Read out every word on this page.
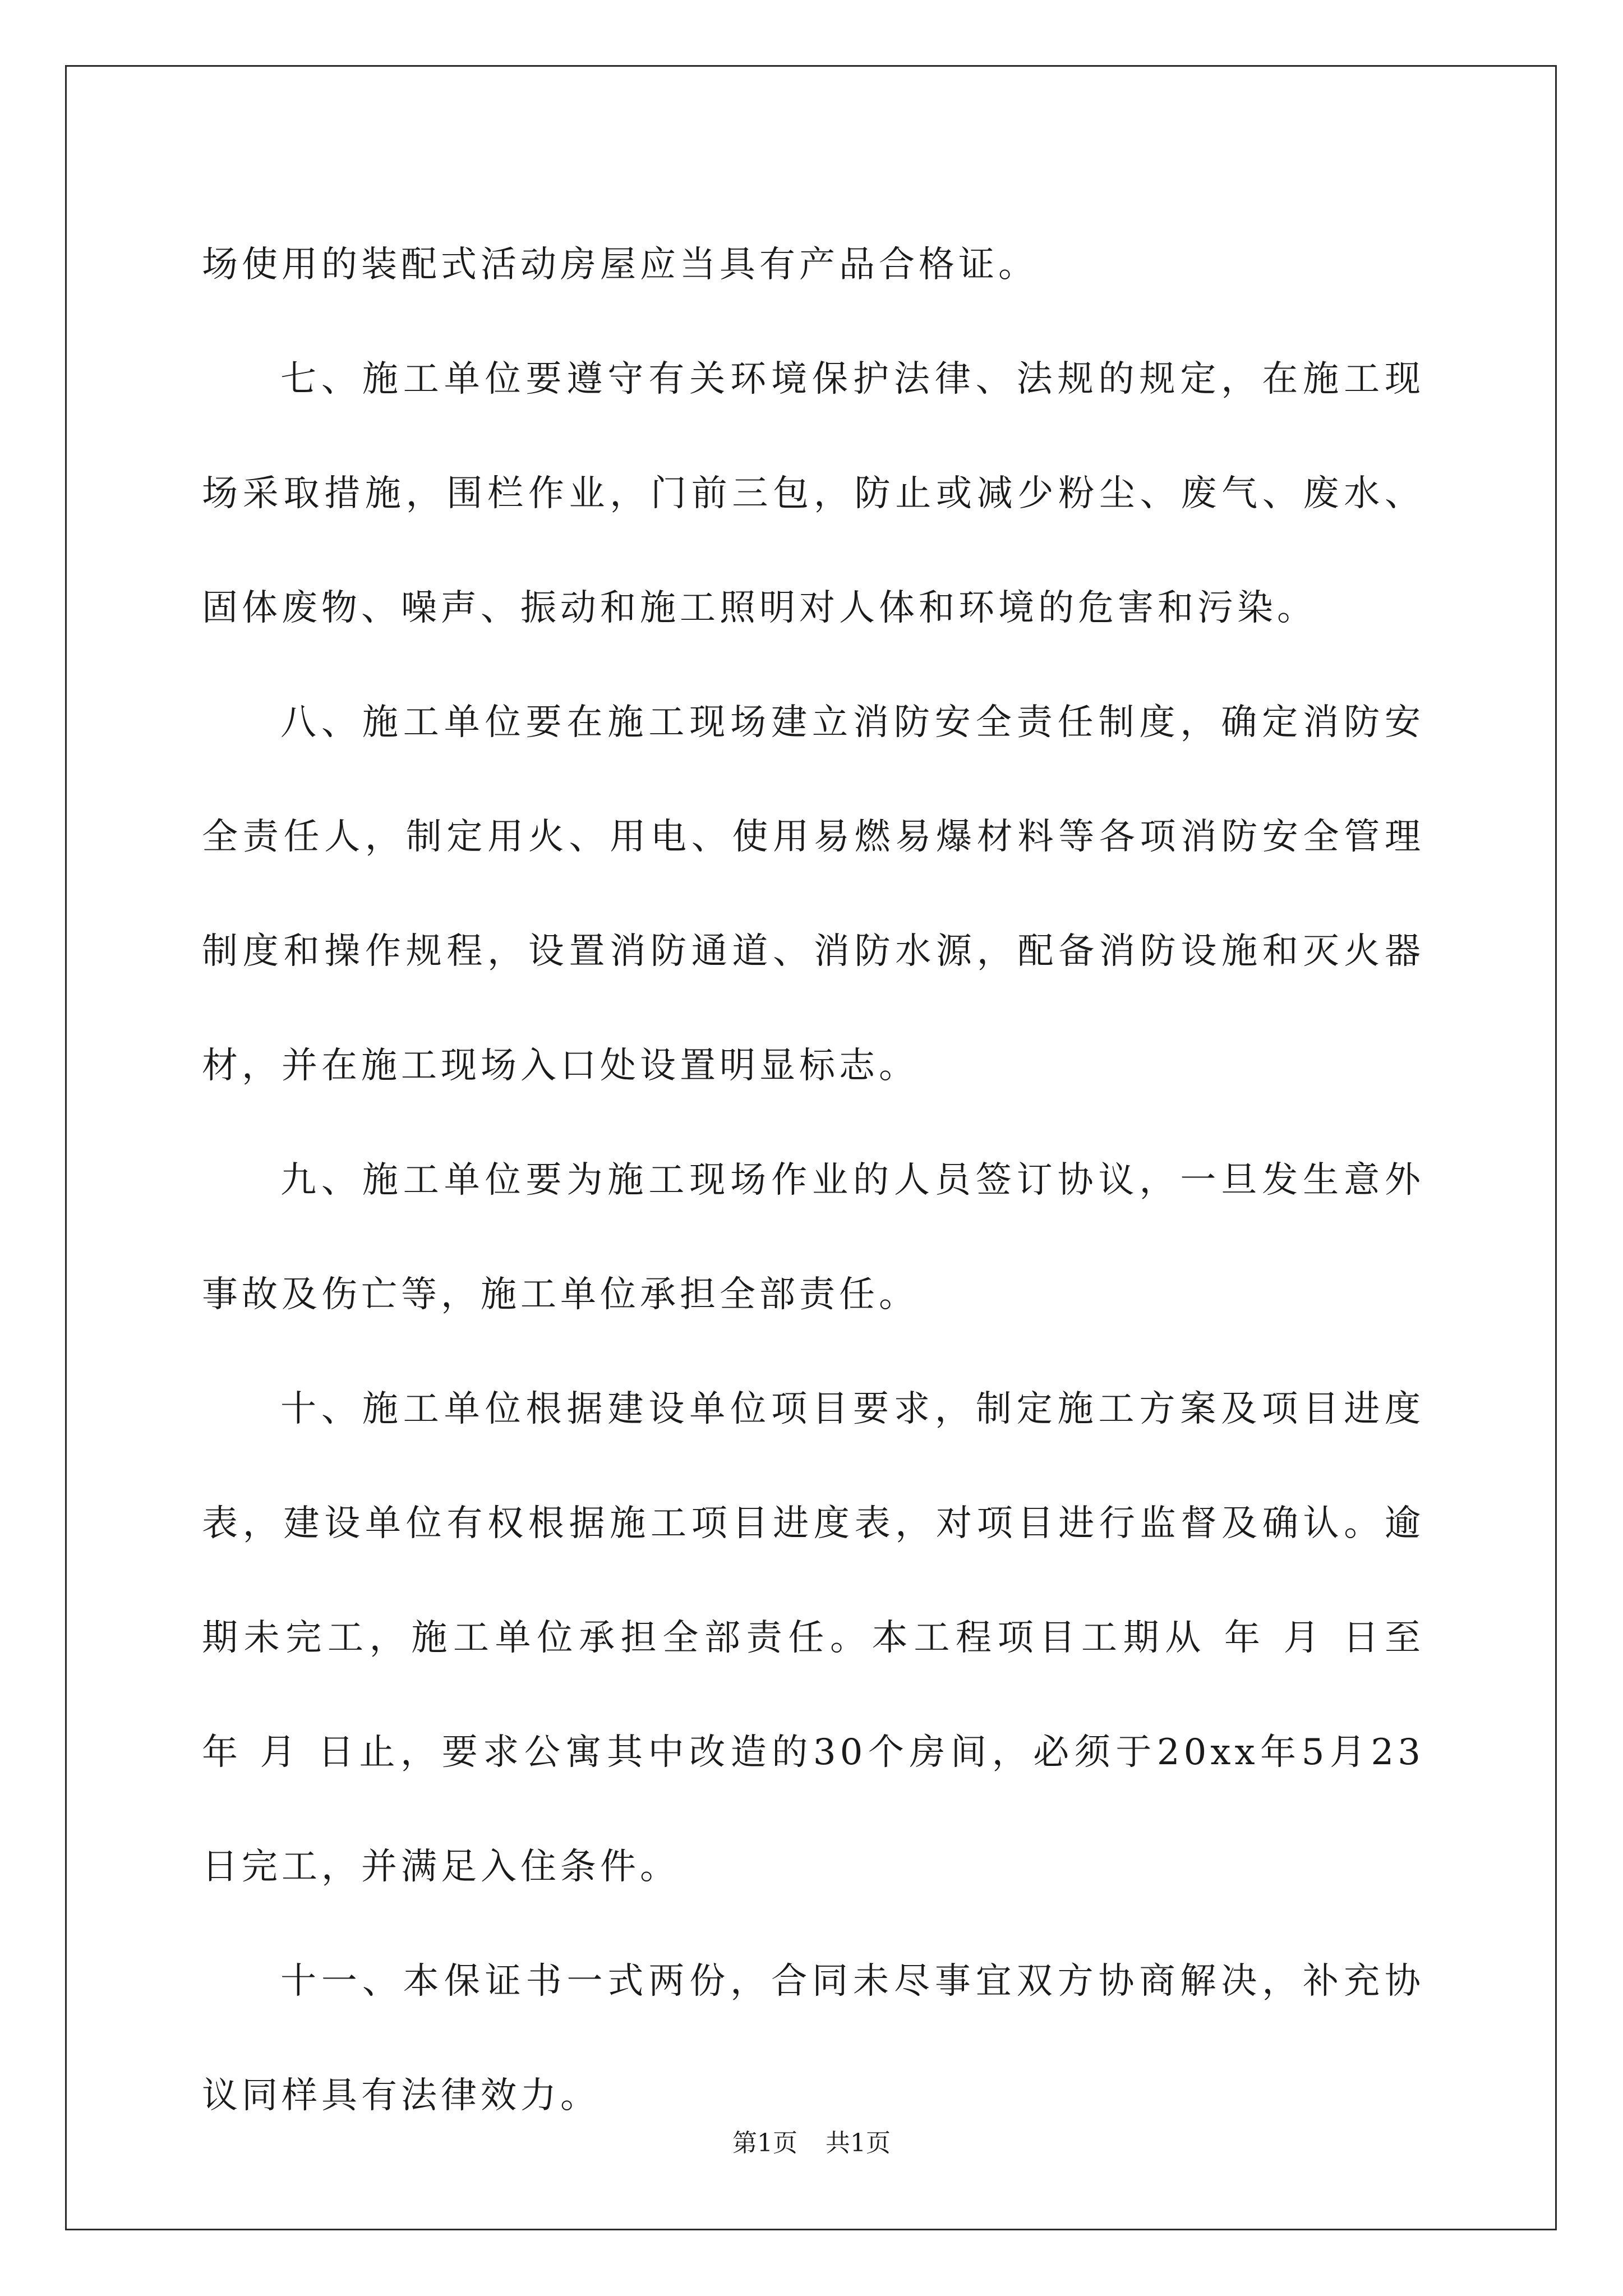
场使用的装配式活动房屋应当具有产品合格证。
七、施工单位要遵守有关环境保护法律、法规的规定，在施工现
场采取措施，围栏作业，门前三包，防止或减少粉尘、废气、废水、
固体废物、噪声、振动和施工照明对人体和环境的危害和污染。
八、施工单位要在施工现场建立消防安全责任制度，确定消防安
全责任人，制定用火、用电、使用易燃易爆材料等各项消防安全管理
制度和操作规程，设置消防通道、消防水源，配备消防设施和灭火器
材，并在施工现场入口处设置明显标志。
九、施工单位要为施工现场作业的人员签订协议，一旦发生意外
事故及伤亡等，施工单位承担全部责任。
十、施工单位根据建设单位项目要求，制定施工方案及项目进度
表，建设单位有权根据施工项目进度表，对项目进行监督及确认。逾
期未完工，施工单位承担全部责任。本工程项目工期从 年 月 日至
年 月 日止，要求公寓其中改造的30个房间，必须于20xx年5月23
日完工，并满足入住条件。
十一、本保证书一式两份，合同未尽事宜双方协商解决，补充协
议同样具有法律效力。
第1页 共1页
